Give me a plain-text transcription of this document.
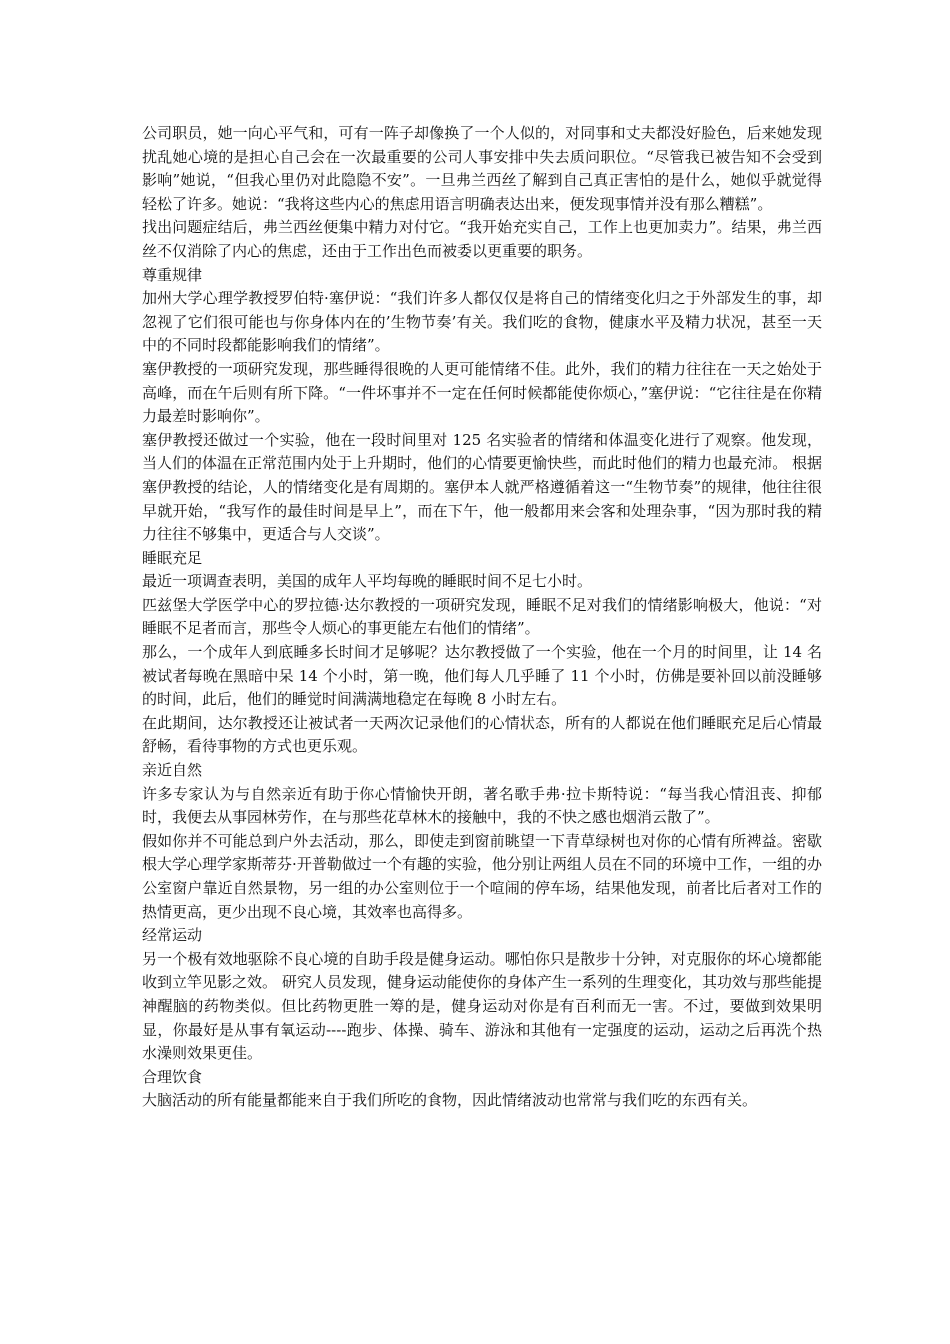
公司职员，她一向心平气和，可有一阵子却像换了一个人似的，对同事和丈夫都没好脸色，后来她发现扰乱她心境的是担心自己会在一次最重要的公司人事安排中失去质问职位。“尽管我已被告知不会受到影响”她说，“但我心里仍对此隐隐不安”。一旦弗兰西丝了解到自己真正害怕的是什么，她似乎就觉得轻松了许多。她说：“我将这些内心的焦虑用语言明确表达出来，便发现事情并没有那么糟糕”。

找出问题症结后，弗兰西丝便集中精力对付它。“我开始充实自己，工作上也更加卖力”。结果，弗兰西丝不仅消除了内心的焦虑，还由于工作出色而被委以更重要的职务。

尊重规律

加州大学心理学教授罗伯特·塞伊说：“我们许多人都仅仅是将自己的情绪变化归之于外部发生的事，却忽视了它们很可能也与你身体内在的’生物节奏’有关。我们吃的食物，健康水平及精力状况，甚至一天中的不同时段都能影响我们的情绪”。

塞伊教授的一项研究发现，那些睡得很晚的人更可能情绪不佳。此外，我们的精力往往在一天之始处于高峰，而在午后则有所下降。“一件坏事并不一定在任何时候都能使你烦心，”塞伊说：“它往往是在你精力最差时影响你”。

塞伊教授还做过一个实验，他在一段时间里对 125 名实验者的情绪和体温变化进行了观察。他发现，当人们的体温在正常范围内处于上升期时，他们的心情要更愉快些，而此时他们的精力也最充沛。 根据塞伊教授的结论，人的情绪变化是有周期的。塞伊本人就严格遵循着这一“生物节奏”的规律，他往往很早就开始，“我写作的最佳时间是早上”，而在下午，他一般都用来会客和处理杂事，“因为那时我的精力往往不够集中，更适合与人交谈”。

睡眠充足

最近一项调查表明，美国的成年人平均每晚的睡眠时间不足七小时。

匹兹堡大学医学中心的罗拉德·达尔教授的一项研究发现，睡眠不足对我们的情绪影响极大，他说：“对睡眠不足者而言，那些令人烦心的事更能左右他们的情绪”。

那么，一个成年人到底睡多长时间才足够呢？达尔教授做了一个实验，他在一个月的时间里，让 14 名被试者每晚在黑暗中呆 14 个小时，第一晚，他们每人几乎睡了 11 个小时，仿佛是要补回以前没睡够的时间，此后，他们的睡觉时间满满地稳定在每晚 8 小时左右。

在此期间，达尔教授还让被试者一天两次记录他们的心情状态，所有的人都说在他们睡眠充足后心情最舒畅，看待事物的方式也更乐观。

亲近自然

许多专家认为与自然亲近有助于你心情愉快开朗，著名歌手弗·拉卡斯特说：“每当我心情沮丧、抑郁时，我便去从事园林劳作，在与那些花草林木的接触中，我的不快之感也烟消云散了”。

假如你并不可能总到户外去活动，那么，即使走到窗前眺望一下青草绿树也对你的心情有所裨益。密歇根大学心理学家斯蒂芬·开普勒做过一个有趣的实验，他分别让两组人员在不同的环境中工作，一组的办公室窗户靠近自然景物，另一组的办公室则位于一个喧闹的停车场，结果他发现，前者比后者对工作的热情更高，更少出现不良心境，其效率也高得多。

经常运动

另一个极有效地驱除不良心境的自助手段是健身运动。哪怕你只是散步十分钟，对克服你的坏心境都能收到立竿见影之效。 研究人员发现，健身运动能使你的身体产生一系列的生理变化，其功效与那些能提神醒脑的药物类似。但比药物更胜一筹的是，健身运动对你是有百利而无一害。不过，要做到效果明显，你最好是从事有氧运动----跑步、体操、骑车、游泳和其他有一定强度的运动，运动之后再洗个热水澡则效果更佳。

合理饮食

大脑活动的所有能量都能来自于我们所吃的食物，因此情绪波动也常常与我们吃的东西有关。
